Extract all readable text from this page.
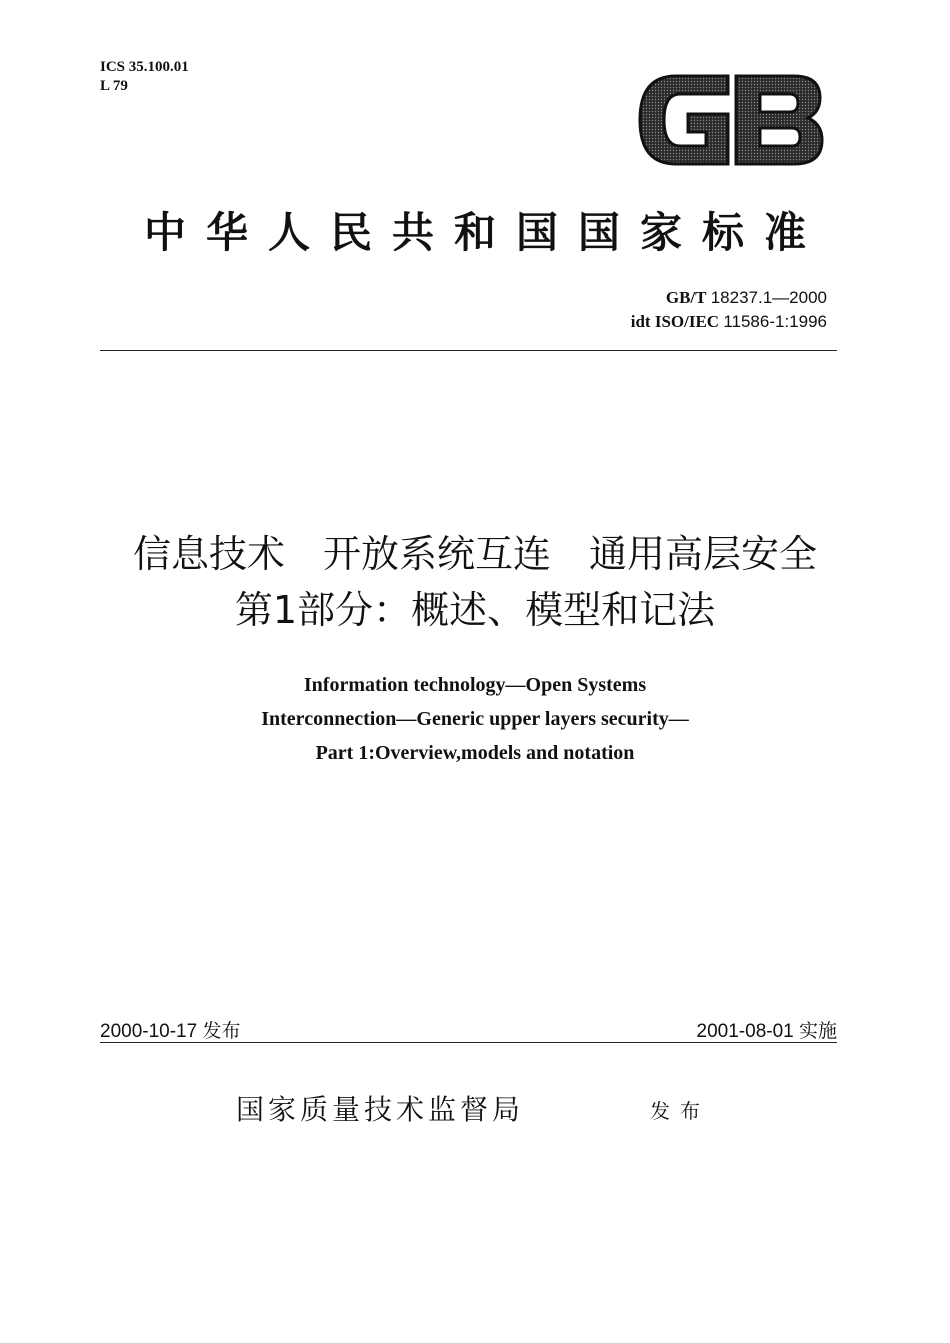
ICS 35.100.01
L 79
中华人民共和国国家标准
GB/T 18237.1—2000
idt ISO/IEC 11586-1:1996
信息技术　开放系统互连　通用高层安全
第1部分：概述、模型和记法
Information technology—Open Systems
Interconnection—Generic upper layers security—
Part 1:Overview,models and notation
2000-10-17 发布	2001-08-01 实施
国家质量技术监督局	发布
